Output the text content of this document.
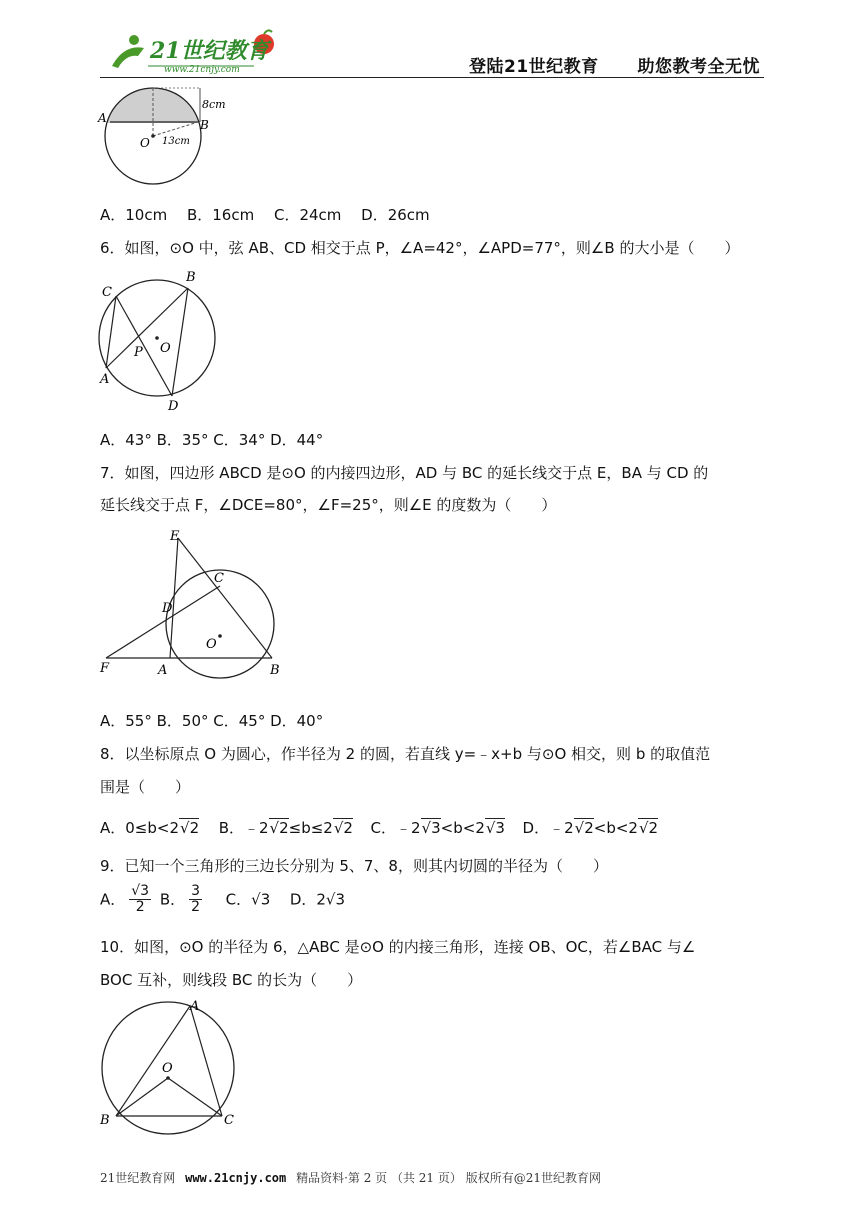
21世纪教育
www.21cnjy.com	登陆21世纪教育 助您教考全无忧
A	B
O
8cm
13cm
A．10cm　 B．16cm　 C．24cm　 D．26cm
6．如图，⊙O 中，弦 AB、CD 相交于点 P，∠A=42°，∠APD=77°，则∠B 的大小是（　　）
C
B
A
D
P O
A．43° B．35° C．34° D．44°
7．如图，四边形 ABCD 是⊙O 的内接四边形，AD 与 BC 的延长线交于点 E，BA 与 CD 的
延长线交于点 F，∠DCE=80°，∠F=25°，则∠E 的度数为（　　）
E
C
D
O
F	A	B
A．55° B．50° C．45° D．40°
8．以坐标原点 O 为圆心，作半径为 2 的圆，若直线 y=﹣x+b 与⊙O 相交，则 b 的取值范
围是（　　）
A．0≤b<2√2 B．﹣2√2≤b≤2√2 C．﹣2√3<b<2√3 D．﹣2√2<b<2√2
9．已知一个三角形的三边长分别为 5、7、8，则其内切圆的半径为（　　）
A． $\frac{√3}{2}$ B． $\frac{3}{2}$ C．√3 D．2√3
10．如图，⊙O 的半径为 6，△ABC 是⊙O 的内接三角形，连接 OB、OC，若∠BAC 与∠
BOC 互补，则线段 BC 的长为（　　）
A
O
B	C
21世纪教育网 www.21cnjy.com 精品资料·第 2 页 （共 21 页） 版权所有@21世纪教育网
